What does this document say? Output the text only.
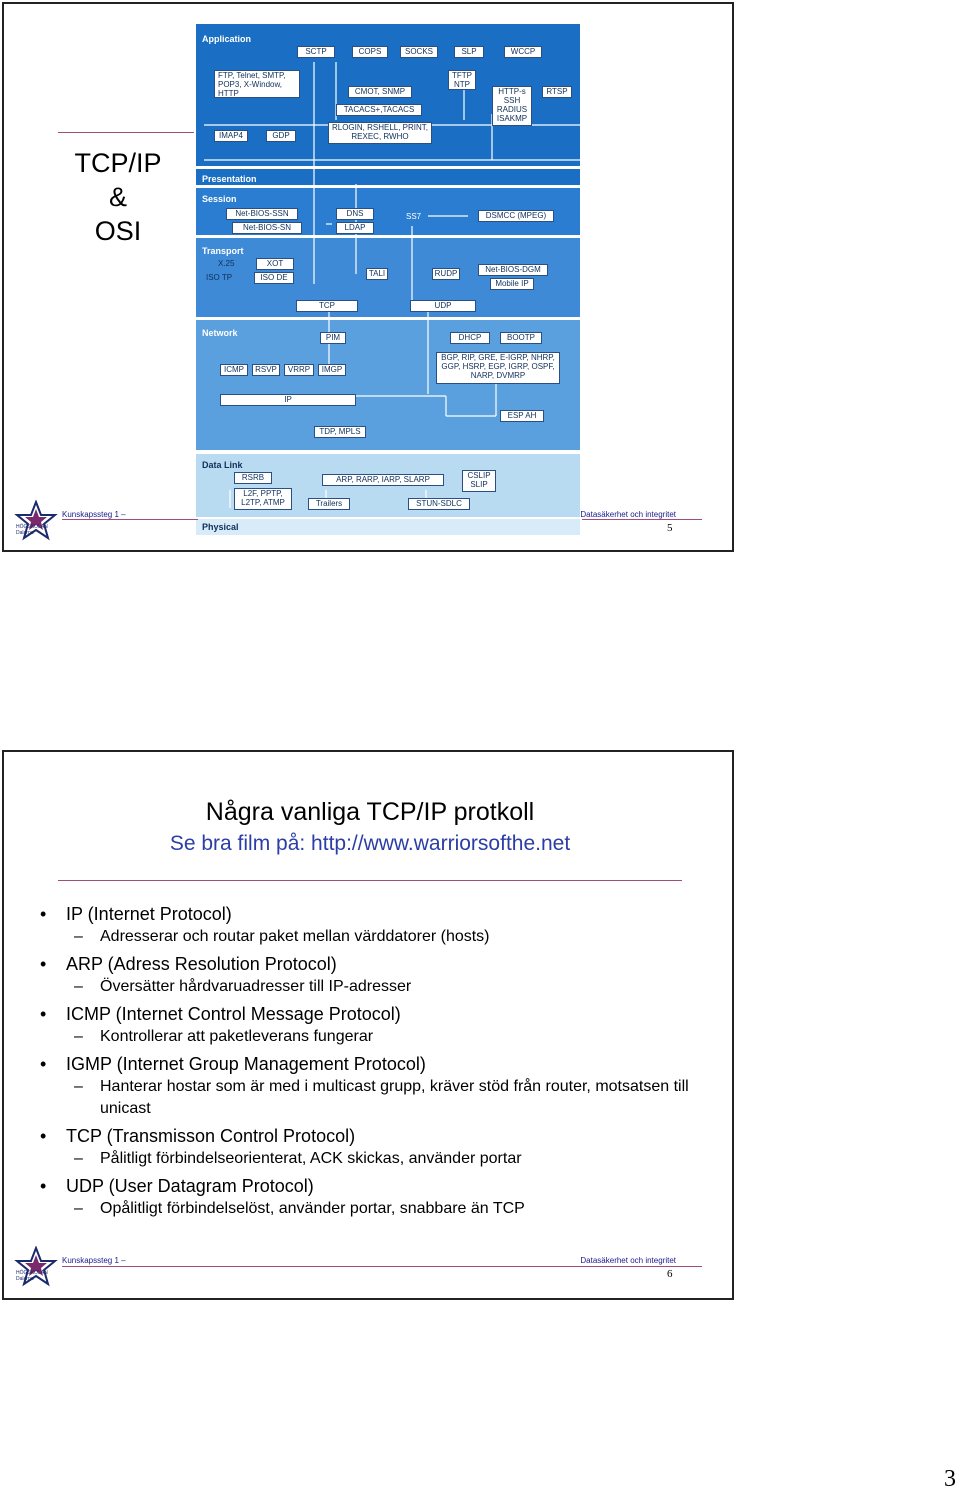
TCP/IP
&
OSI
Application
Presentation
Session
Transport
Network
Data Link
Physical
SCTP	COPS	SOCKS	SLP	WCCP
FTP, Telnet, SMTP, POP3, X-Window, HTTP	CMOT, SNMP
TACACS+,TACACS
RLOGIN, RSHELL, PRINT, REXEC, RWHO
TFTP NTP
HTTP-s SSH RADIUS ISAKMP
RTSP
IMAP4	GDP
Net-BIOS-SSN
Net-BIOS-SN
DNS
LDAP
SS7	DSMCC (MPEG)
X.25
ISO TP
XOT
ISO DE	TALI	RUDP	Net-BIOS-DGM
Mobile IP
TCP	UDP
PIM	DHCP	BOOTP
BGP, RIP, GRE, E-IGRP, NHRP, GGP, HSRP, EGP, IGRP, OSPF, NARP, DVMRP
ICMP	RSVP	VRRP	IMGP
IP
ESP AH
TDP, MPLS
RSRB	ARP, RARP, IARP, SLARP	CSLIP SLIP
L2F, PPTP, L2TP, ATMP	Trailers	STUN-SDLC
HÖGSKOLAN
Dalarna
Kunskapssteg 1 –	Datasäkerhet och integritet
5
Några vanliga TCP/IP protkoll
Se bra film på: http://www.warriorsofthe.net
• IP (Internet Protocol)
– Adresserar och routar paket mellan värddatorer (hosts)
• ARP (Adress Resolution Protocol)
– Översätter hårdvaruadresser till IP-adresser
• ICMP (Internet Control Message Protocol)
– Kontrollerar att paketleverans fungerar
• IGMP (Internet Group Management Protocol)
– Hanterar hostar som är med i multicast grupp, kräver stöd från router, motsatsen till unicast
• TCP (Transmisson Control Protocol)
– Pålitligt förbindelseorienterat, ACK skickas, använder portar
• UDP (User Datagram Protocol)
– Opålitligt förbindelselöst, använder portar, snabbare än TCP
HÖGSKOLAN
Dalarna
Kunskapssteg 1 –	Datasäkerhet och integritet
6
3
